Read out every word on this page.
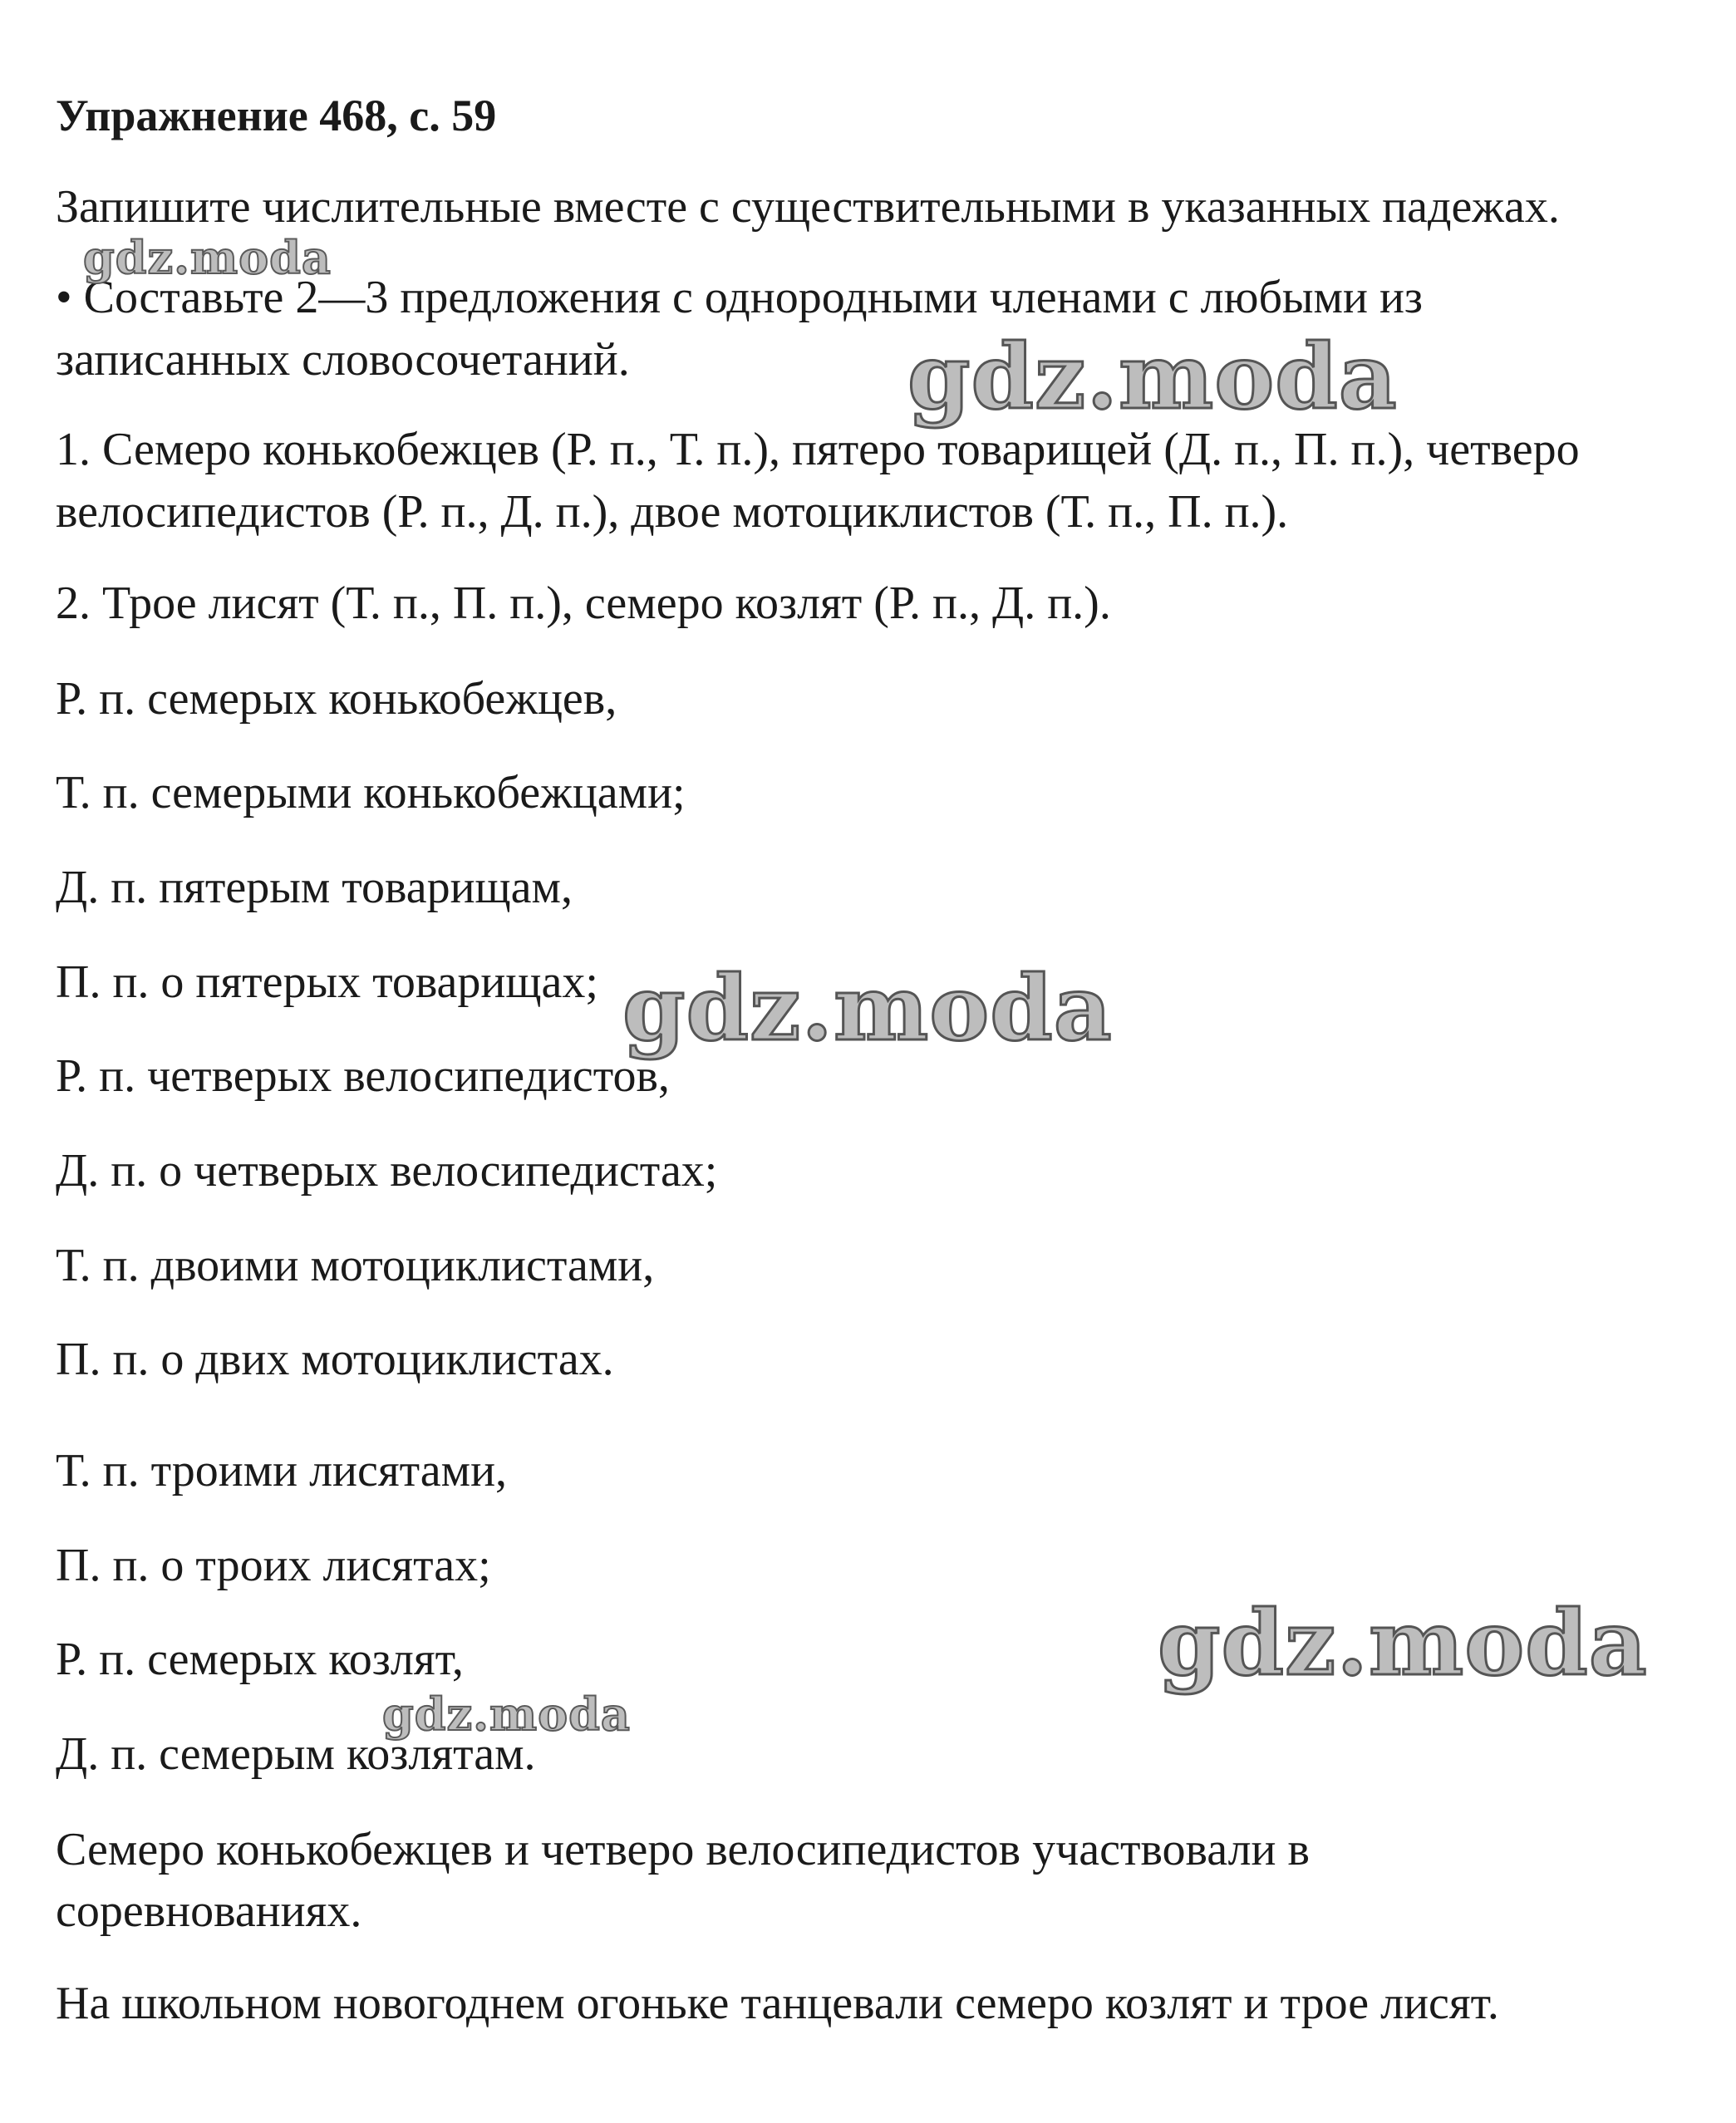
Упражнение 468, с. 59
Запишите числительные вместе с существительными в указанных падежах.
• Составьте 2—3 предложения с однородными членами с любыми из
записанных словосочетаний.
1. Семеро конькобежцев (Р. п., Т. п.), пятеро товарищей (Д. п., П. п.), четверо
велосипедистов (Р. п., Д. п.), двое мотоциклистов (Т. п., П. п.).
2. Трое лисят (Т. п., П. п.), семеро козлят (Р. п., Д. п.).
Р. п. семерых конькобежцев,
Т. п. семерыми конькобежцами;
Д. п. пятерым товарищам,
П. п. о пятерых товарищах;
Р. п. четверых велосипедистов,
Д. п. о четверых велосипедистах;
Т. п. двоими мотоциклистами,
П. п. о двих мотоциклистах.
Т. п. троими лисятами,
П. п. о троих лисятах;
Р. п. семерых козлят,
Д. п. семерым козлятам.
Семеро конькобежцев и четверо велосипедистов участвовали в
соревнованиях.
На школьном новогоднем огоньке танцевали семеро козлят и трое лисят.
gdz.moda
gdz.moda
gdz.moda
gdz.moda
gdz.moda
